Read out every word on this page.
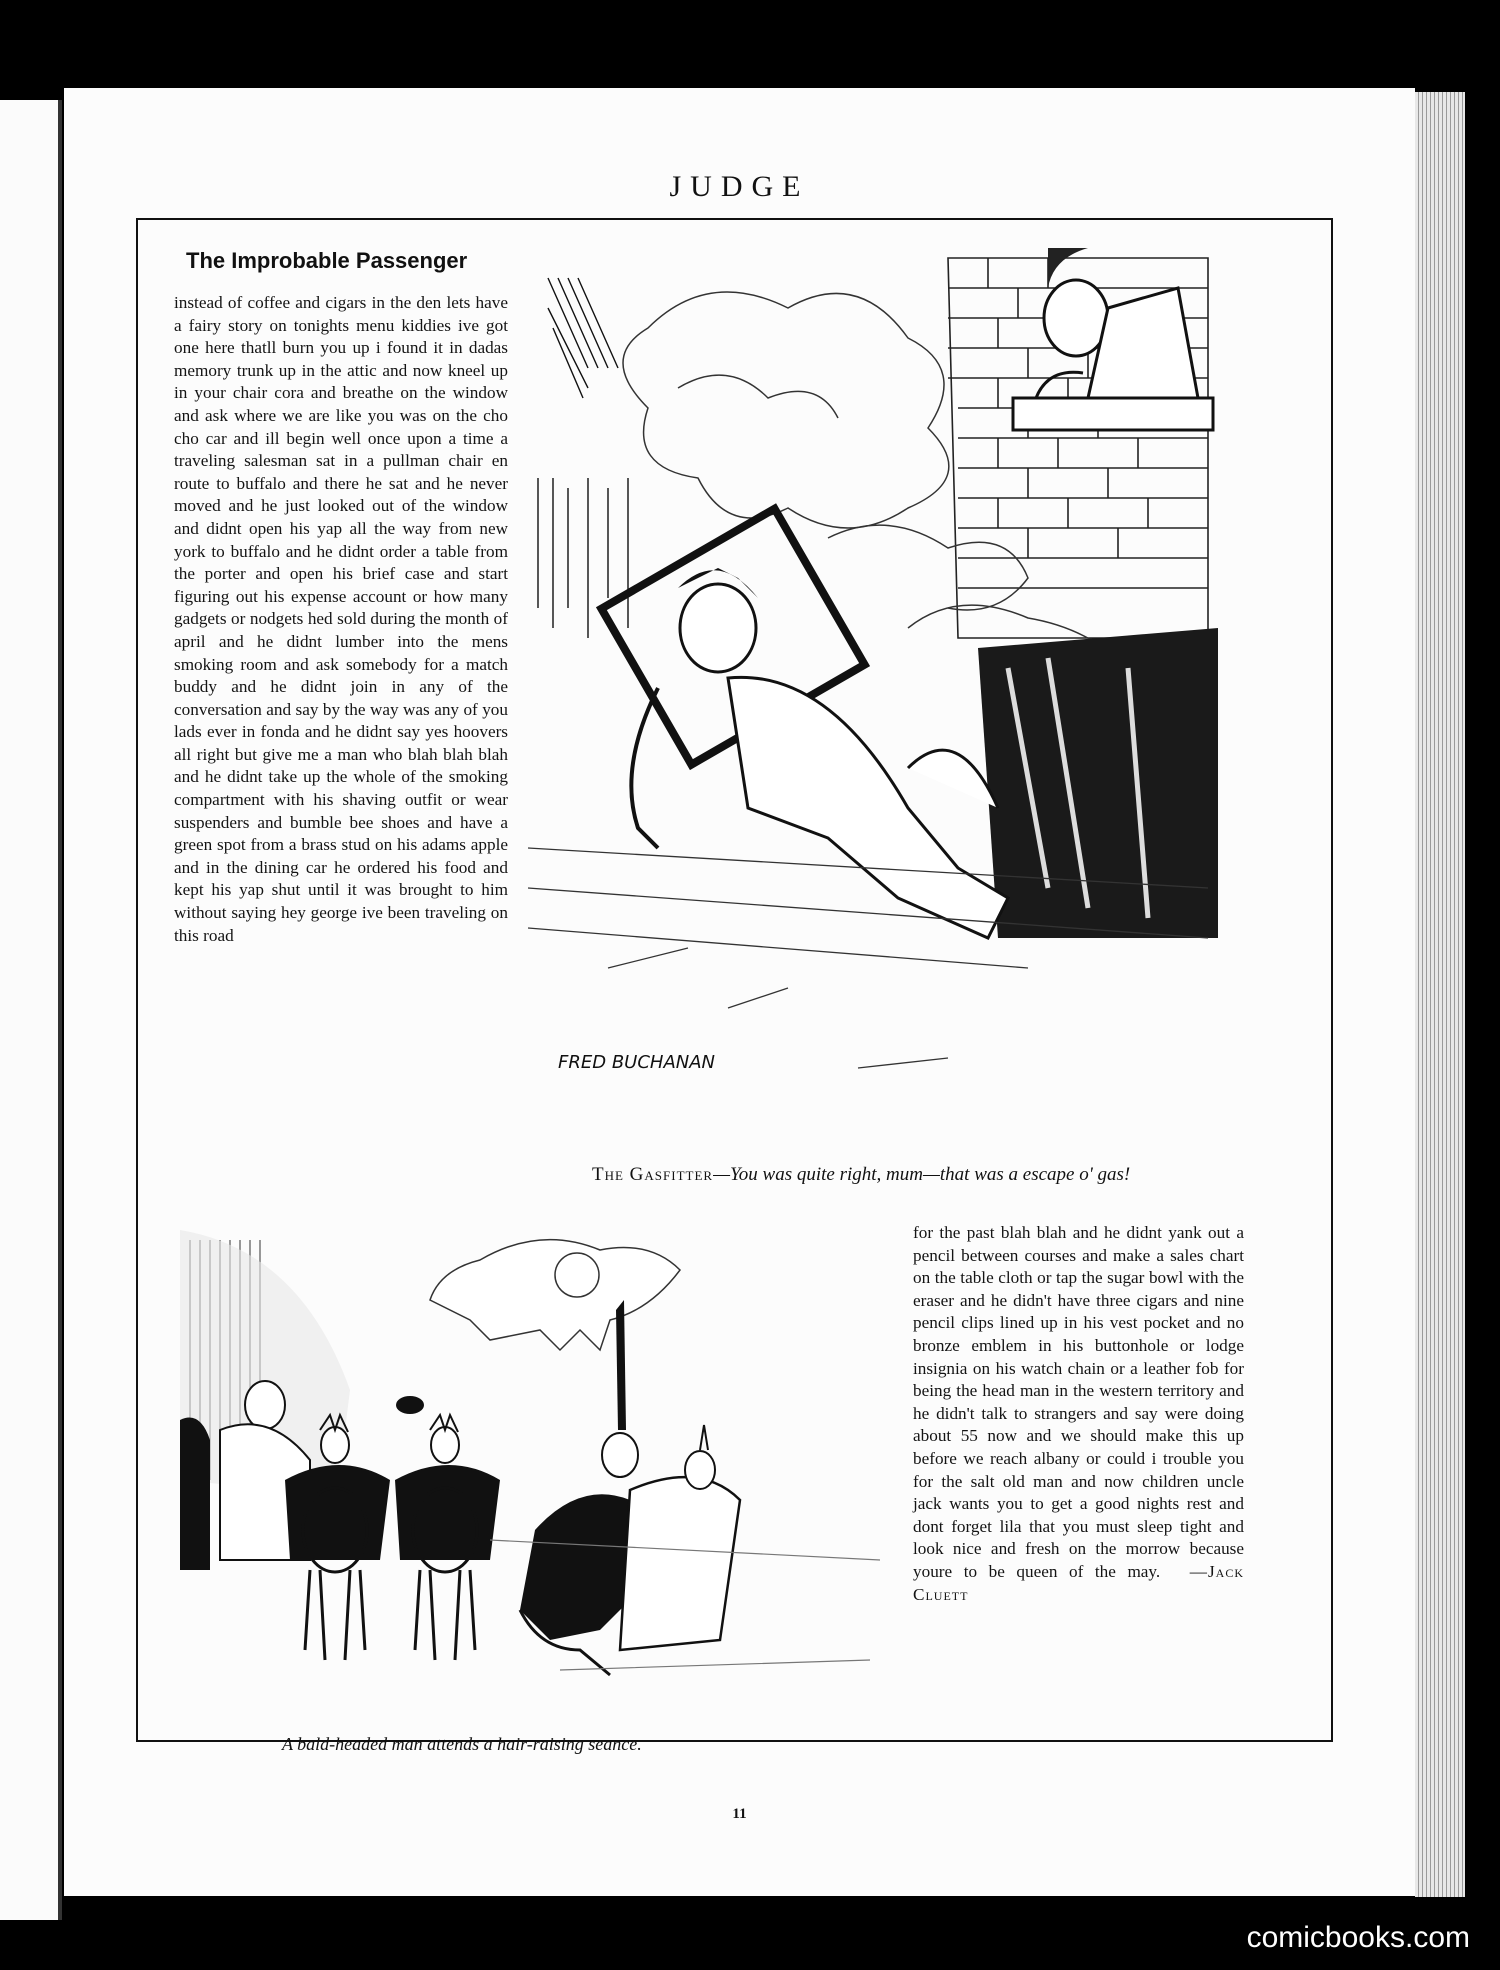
JUDGE
The Improbable Passenger
instead of coffee and cigars in the den lets have a fairy story on tonights menu kiddies ive got one here thatll burn you up i found it in dadas memory trunk up in the attic and now kneel up in your chair cora and breathe on the window and ask where we are like you was on the cho cho car and ill begin well once upon a time a traveling salesman sat in a pullman chair en route to buffalo and there he sat and he never moved and he just looked out of the window and didnt open his yap all the way from new york to buffalo and he didnt order a table from the porter and open his brief case and start figuring out his expense account or how many gadgets or nodgets hed sold during the month of april and he didnt lumber into the mens smoking room and ask somebody for a match buddy and he didnt join in any of the conversation and say by the way was any of you lads ever in fonda and he didnt say yes hoovers all right but give me a man who blah blah blah and he didnt take up the whole of the smoking compartment with his shaving outfit or wear suspenders and bumble bee shoes and have a green spot from a brass stud on his adams apple and in the dining car he ordered his food and kept his yap shut until it was brought to him without saying hey george ive been traveling on this road
FRED BUCHANAN
The Gasfitter—You was quite right, mum—that was a escape o' gas!
A bald-headed man attends a hair-raising seance.
for the past blah blah and he didnt yank out a pencil between courses and make a sales chart on the table cloth or tap the sugar bowl with the eraser and he didn't have three cigars and nine pencil clips lined up in his vest pocket and no bronze emblem in his buttonhole or lodge insignia on his watch chain or a leather fob for being the head man in the western territory and he didn't talk to strangers and say were doing about 55 now and we should make this up before we reach albany or could i trouble you for the salt old man and now children uncle jack wants you to get a good nights rest and dont forget lila that you must sleep tight and look nice and fresh on the morrow because youre to be queen of the may. —Jack Cluett
11
comicbooks.com
